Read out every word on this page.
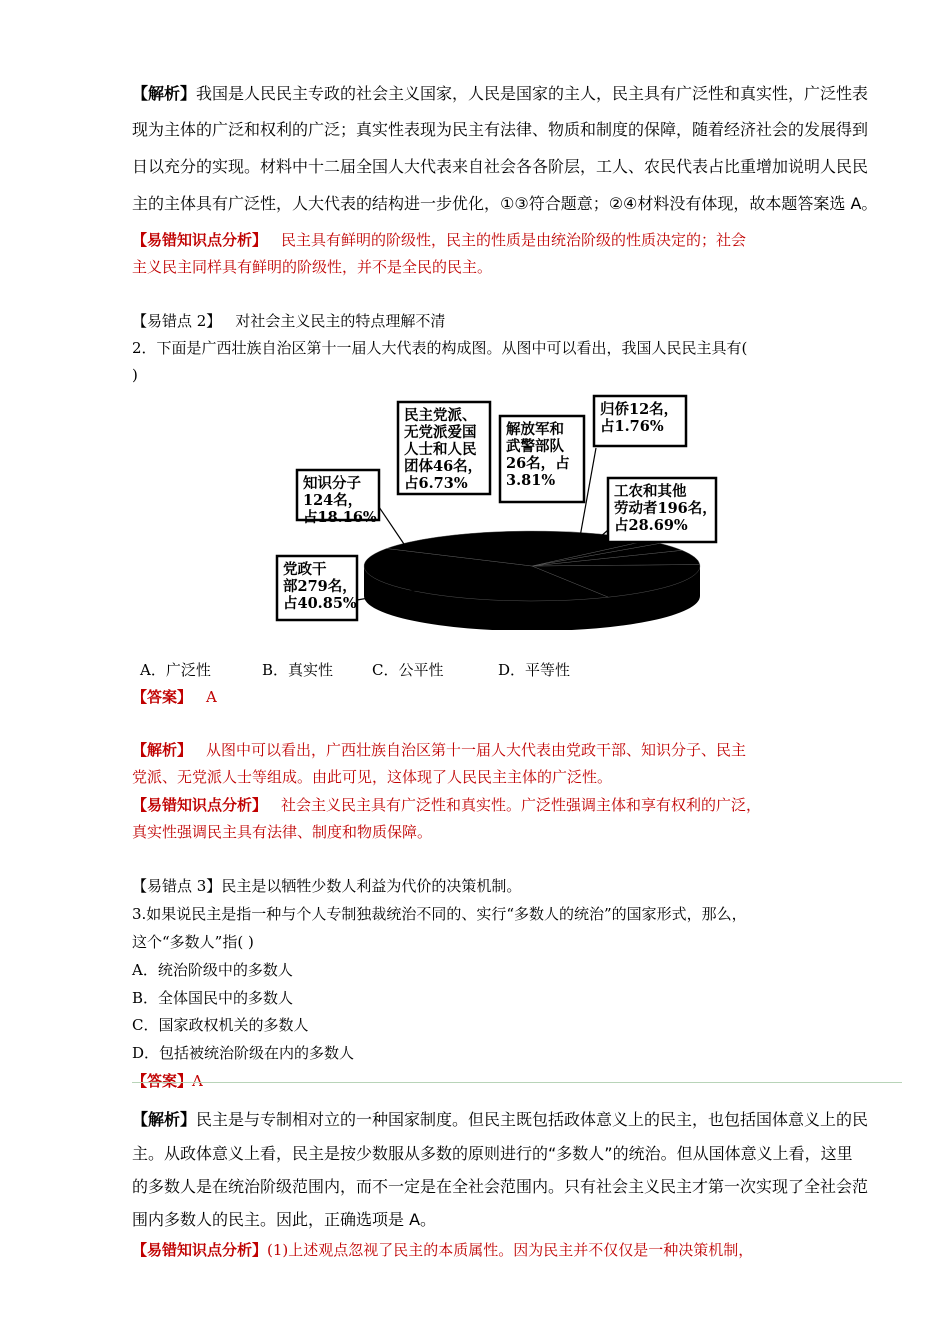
【解析】我国是人民民主专政的社会主义国家，人民是国家的主人，民主具有广泛性和真实性，广泛性表
现为主体的广泛和权利的广泛；真实性表现为民主有法律、物质和制度的保障，随着经济社会的发展得到
日以充分的实现。材料中十二届全国人大代表来自社会各各阶层，工人、农民代表占比重增加说明人民民
主的主体具有广泛性，人大代表的结构进一步优化，①③符合题意；②④材料没有体现，故本题答案选 A。
【易错知识点分析】 民主具有鲜明的阶级性，民主的性质是由统治阶级的性质决定的；社会
主义民主同样具有鲜明的阶级性，并不是全民的民主。
【易错点 2】 对社会主义民主的特点理解不清
2．下面是广西壮族自治区第十一届人大代表的构成图。从图中可以看出，我国人民民主具有(
)
党政干
部279名，
占40.85%
知识分子
124名，
占18.16%
民主党派、
无党派爱国
人士和人民
团体46名，
占6.73%
解放军和
武警部队
26名，占
3.81%
归侨12名，
占1.76%
工农和其他
劳动者196名，
占28.69%
A．广泛性	B．真实性	C．公平性	D．平等性
【答案】 A
【解析】 从图中可以看出，广西壮族自治区第十一届人大代表由党政干部、知识分子、民主
党派、无党派人士等组成。由此可见，这体现了人民民主主体的广泛性。
【易错知识点分析】 社会主义民主具有广泛性和真实性。广泛性强调主体和享有权利的广泛，
真实性强调民主具有法律、制度和物质保障。
【易错点 3】民主是以牺牲少数人利益为代价的决策机制。
3.如果说民主是指一种与个人专制独裁统治不同的、实行“多数人的统治”的国家形式，那么，
这个“多数人”指( )
A．统治阶级中的多数人
B．全体国民中的多数人
C．国家政权机关的多数人
D．包括被统治阶级在内的多数人
【答案】A
【解析】民主是与专制相对立的一种国家制度。但民主既包括政体意义上的民主，也包括国体意义上的民
主。从政体意义上看，民主是按少数服从多数的原则进行的“多数人”的统治。但从国体意义上看，这里
的多数人是在统治阶级范围内，而不一定是在全社会范围内。只有社会主义民主才第一次实现了全社会范
围内多数人的民主。因此，正确选项是 A。
【易错知识点分析】(1)上述观点忽视了民主的本质属性。因为民主并不仅仅是一种决策机制，
